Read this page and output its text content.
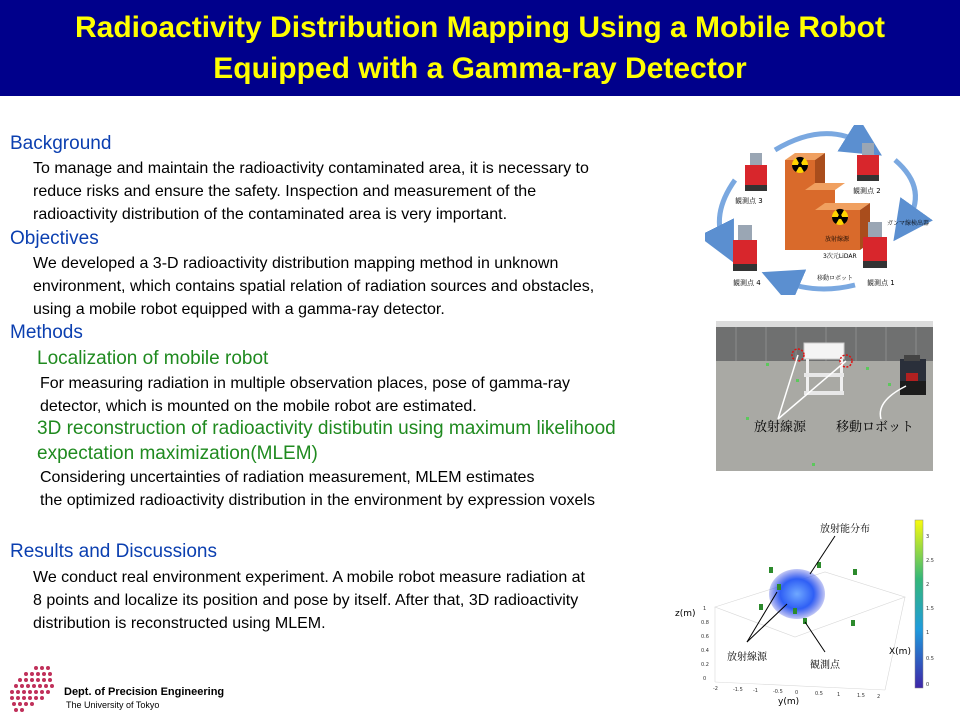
Radioactivity Distribution Mapping Using a Mobile Robot
Equipped with a Gamma-ray Detector
Background
To manage and maintain the radioactivity contaminated area, it is necessary to
reduce risks and ensure the safety. Inspection and measurement of the
radioactivity distribution of the contaminated area is very important.
Objectives
We developed a 3-D radioactivity distribution mapping method in unknown
environment, which contains spatial relation of radiation sources and obstacles,
using a mobile robot equipped with a gamma-ray detector.
Methods
Localization of mobile robot
For measuring radiation in multiple observation places, pose of gamma-ray
detector, which is mounted on the mobile robot are estimated.
3D reconstruction of radioactivity distibutin using maximum likelihood
expectation maximization(MLEM)
Considering uncertainties of radiation measurement, MLEM estimates
the optimized radioactivity distribution in the environment by expression voxels
Results and Discussions
We conduct real environment experiment. A mobile robot measure radiation at
8 points and localize its position and pose by itself. After that, 3D radioactivity
distribution is reconstructed using MLEM.
観測点 3
観測点 2
観測点 4	観測点 1
ガンマ線検出器
放射線源
3次元LiDAR
移動ロボット
放射線源 移動ロボット
放射能分布
放射線源
観測点
z(m)
X(m)
y(m)
1
0.8
0.6
0.4
0.2
0
-2	-1.5 -1	-0.5 0	0.5	1	1.5 2
3
2.5
2
1.5
1
0.5
0
Dept. of Precision Engineering
The University of Tokyo
